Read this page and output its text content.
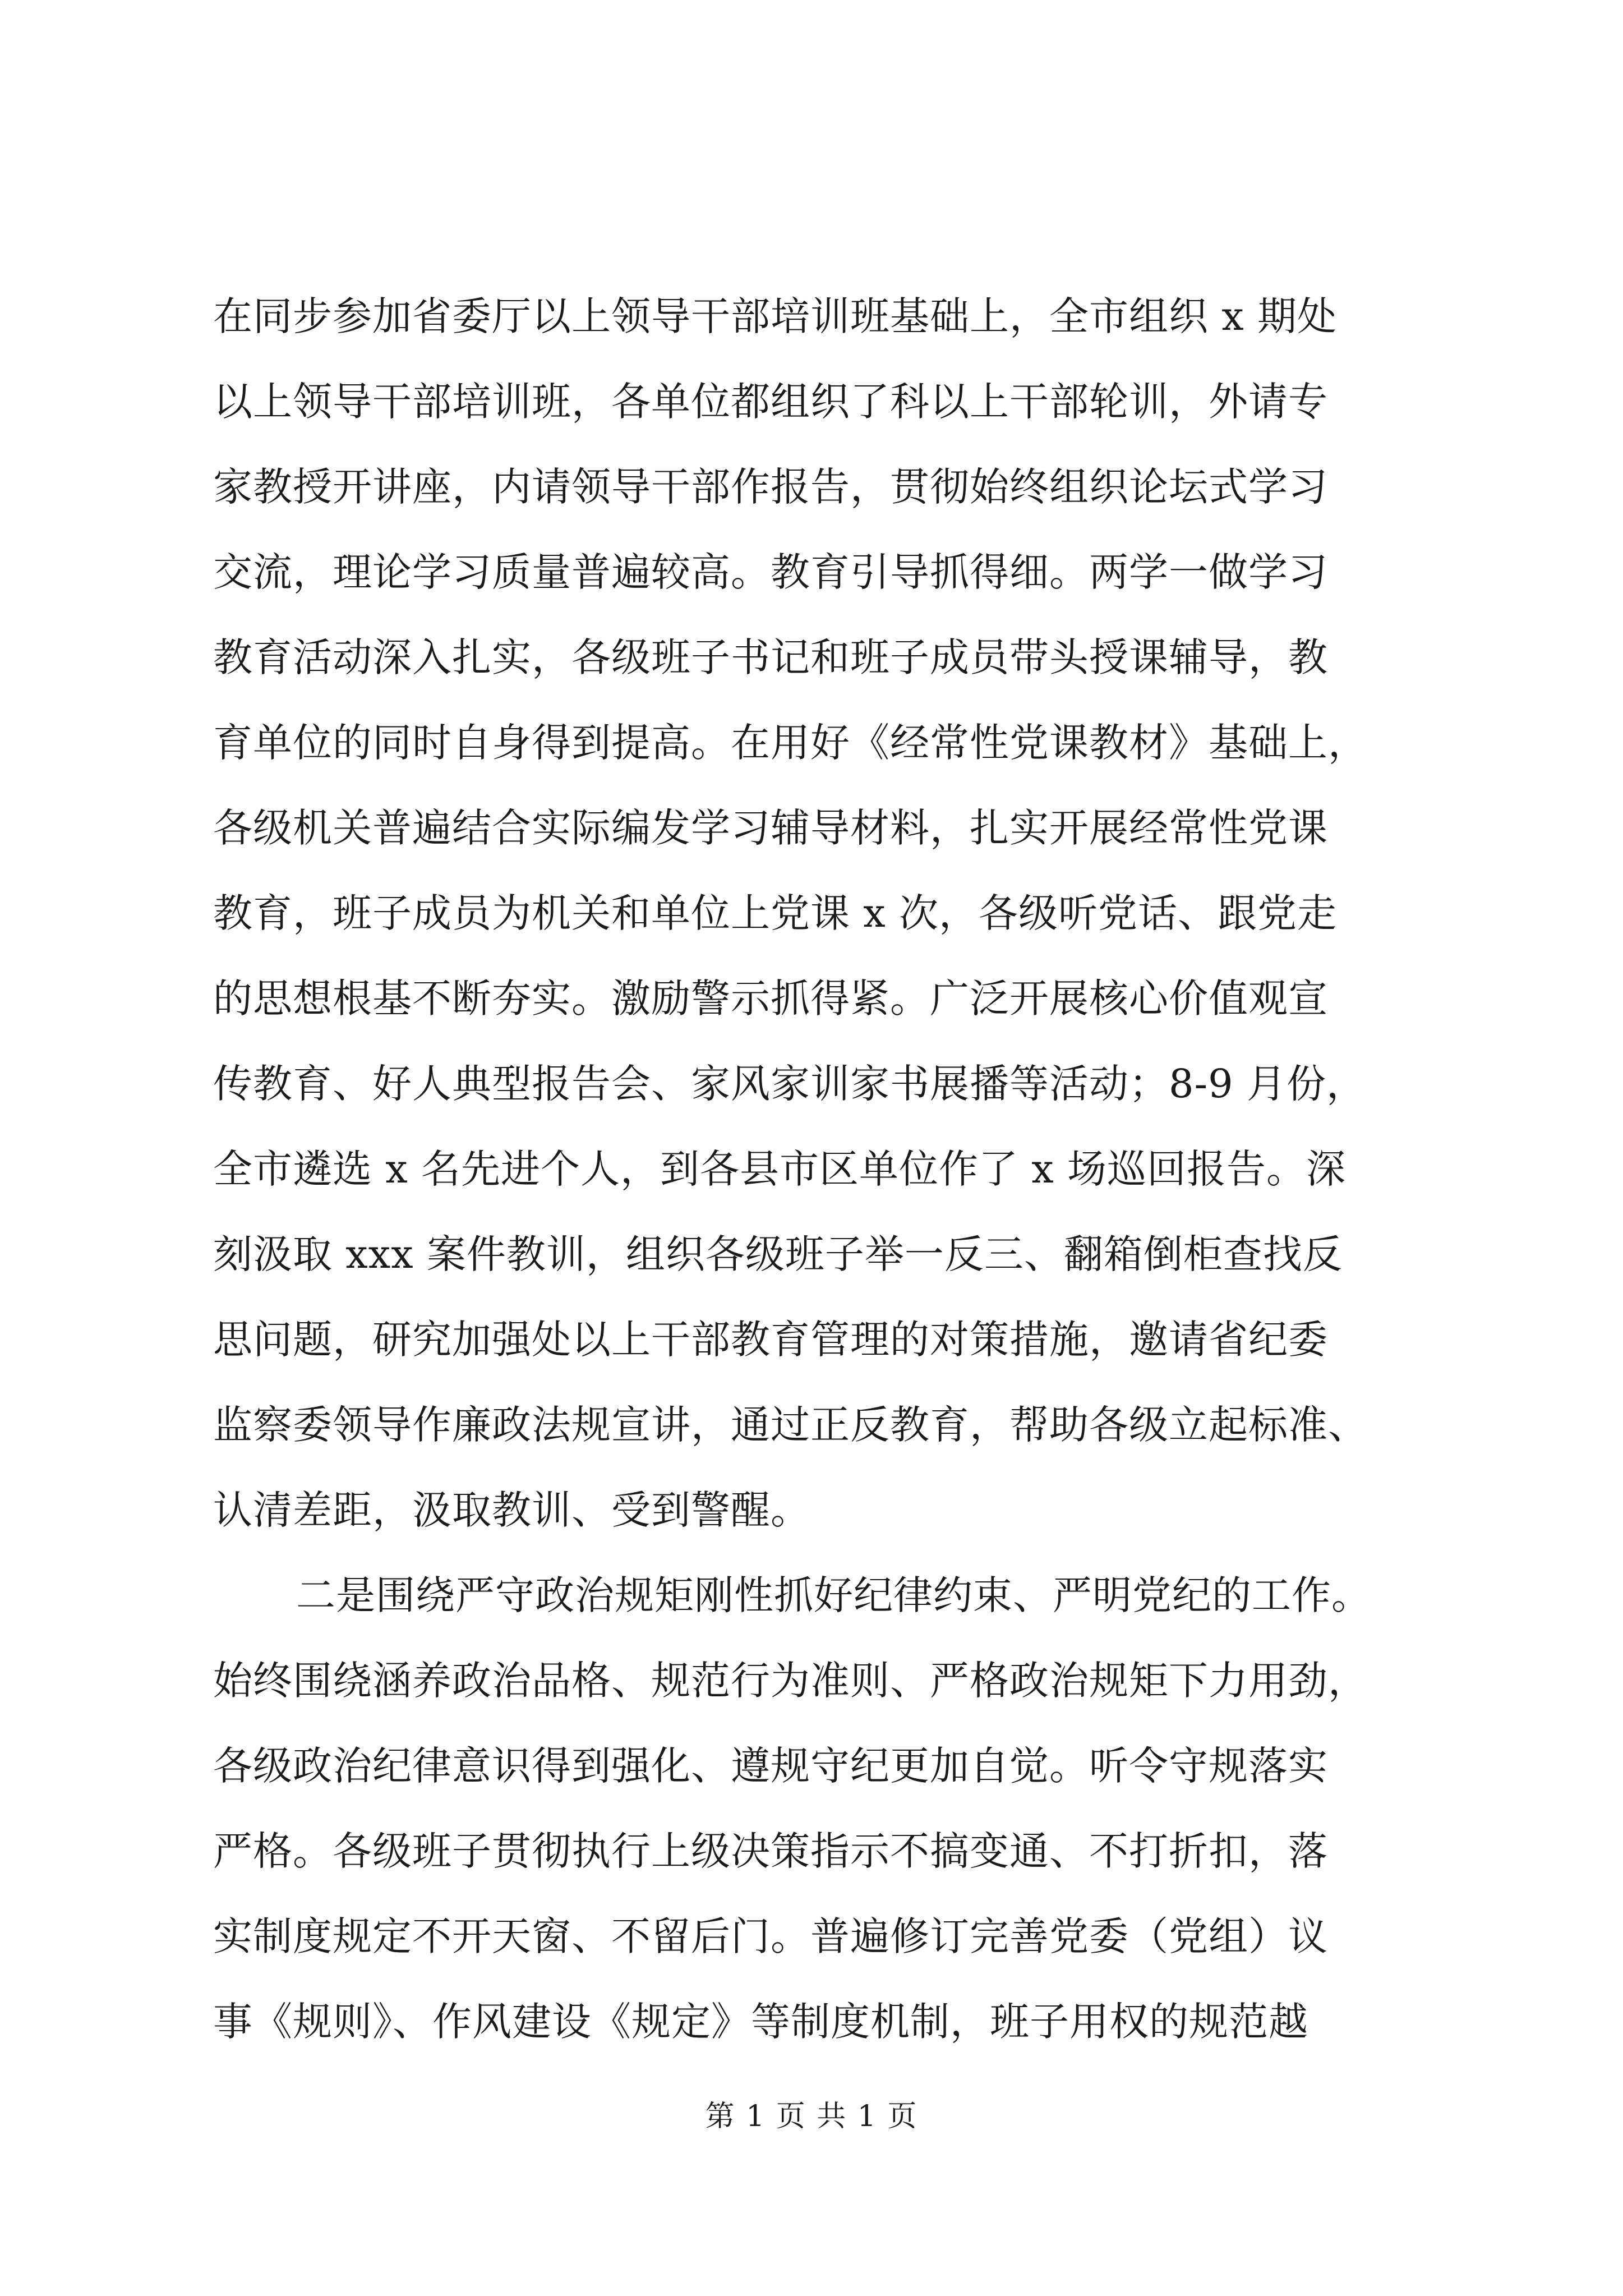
在同步参加省委厅以上领导干部培训班基础上，全市组织 x 期处
以上领导干部培训班，各单位都组织了科以上干部轮训，外请专
家教授开讲座，内请领导干部作报告，贯彻始终组织论坛式学习
交流，理论学习质量普遍较高。教育引导抓得细。两学一做学习
教育活动深入扎实，各级班子书记和班子成员带头授课辅导，教
育单位的同时自身得到提高。在用好《经常性党课教材》基础上，
各级机关普遍结合实际编发学习辅导材料，扎实开展经常性党课
教育，班子成员为机关和单位上党课 x 次，各级听党话、跟党走
的思想根基不断夯实。激励警示抓得紧。广泛开展核心价值观宣
传教育、好人典型报告会、家风家训家书展播等活动；8-9 月份，
全市遴选 x 名先进个人，到各县市区单位作了 x 场巡回报告。深
刻汲取 xxx 案件教训，组织各级班子举一反三、翻箱倒柜查找反
思问题，研究加强处以上干部教育管理的对策措施，邀请省纪委
监察委领导作廉政法规宣讲，通过正反教育，帮助各级立起标准、
认清差距，汲取教训、受到警醒。
二是围绕严守政治规矩刚性抓好纪律约束、严明党纪的工作。
始终围绕涵养政治品格、规范行为准则、严格政治规矩下力用劲，
各级政治纪律意识得到强化、遵规守纪更加自觉。听令守规落实
严格。各级班子贯彻执行上级决策指示不搞变通、不打折扣，落
实制度规定不开天窗、不留后门。普遍修订完善党委（党组）议
事《规则》、作风建设《规定》等制度机制，班子用权的规范越
第 1 页 共 1 页
